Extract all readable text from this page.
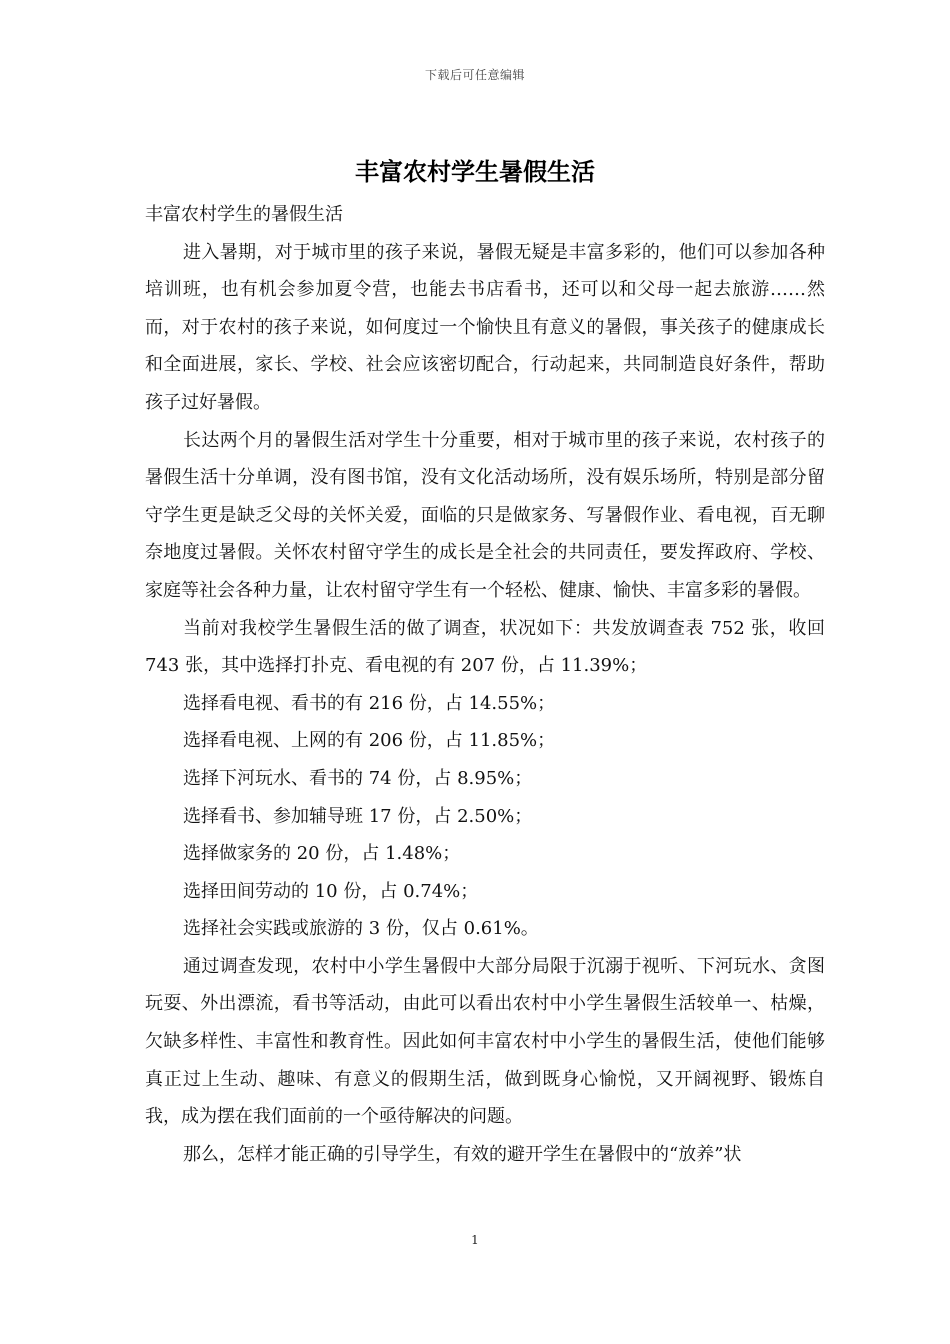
下载后可任意编辑
丰富农村学生暑假生活

丰富农村学生的暑假生活

进入暑期，对于城市里的孩子来说，暑假无疑是丰富多彩的，他们可以参加各种培训班，也有机会参加夏令营，也能去书店看书，还可以和父母一起去旅游……然而，对于农村的孩子来说，如何度过一个愉快且有意义的暑假，事关孩子的健康成长和全面进展，家长、学校、社会应该密切配合，行动起来，共同制造良好条件，帮助孩子过好暑假。

长达两个月的暑假生活对学生十分重要，相对于城市里的孩子来说，农村孩子的暑假生活十分单调，没有图书馆，没有文化活动场所，没有娱乐场所，特别是部分留守学生更是缺乏父母的关怀关爱，面临的只是做家务、写暑假作业、看电视，百无聊奈地度过暑假。关怀农村留守学生的成长是全社会的共同责任，要发挥政府、学校、家庭等社会各种力量，让农村留守学生有一个轻松、健康、愉快、丰富多彩的暑假。

当前对我校学生暑假生活的做了调查，状况如下：共发放调查表 752 张，收回 743 张，其中选择打扑克、看电视的有 207 份，占 11.39%；

选择看电视、看书的有 216 份，占 14.55%；

选择看电视、上网的有 206 份，占 11.85%；

选择下河玩水、看书的 74 份，占 8.95%；

选择看书、参加辅导班 17 份，占 2.50%；

选择做家务的 20 份，占 1.48%；

选择田间劳动的 10 份，占 0.74%；

选择社会实践或旅游的 3 份，仅占 0.61%。

通过调查发现，农村中小学生暑假中大部分局限于沉溺于视听、下河玩水、贪图玩耍、外出漂流，看书等活动，由此可以看出农村中小学生暑假生活较单一、枯燥，欠缺多样性、丰富性和教育性。因此如何丰富农村中小学生的暑假生活，使他们能够真正过上生动、趣味、有意义的假期生活，做到既身心愉悦，又开阔视野、锻炼自我，成为摆在我们面前的一个亟待解决的问题。

那么，怎样才能正确的引导学生，有效的避开学生在暑假中的“放养”状

1
